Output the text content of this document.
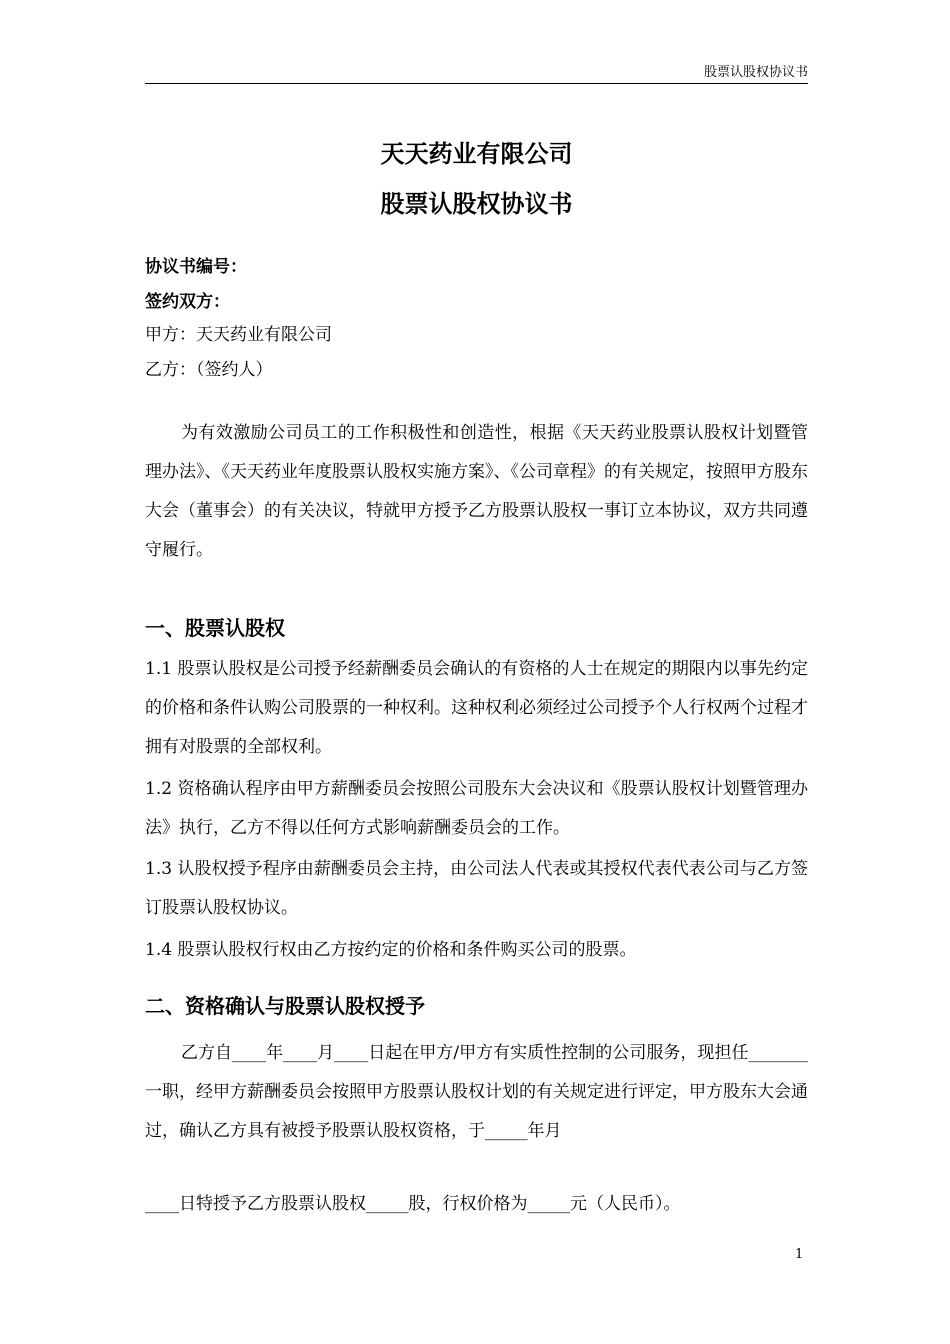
股票认股权协议书
天天药业有限公司
股票认股权协议书
协议书编号：
签约双方：
甲方：天天药业有限公司
乙方：（签约人）
为有效激励公司员工的工作积极性和创造性，根据《天天药业股票认股权计划暨管理办法》、《天天药业年度股票认股权实施方案》、《公司章程》的有关规定，按照甲方股东大会（董事会）的有关决议，特就甲方授予乙方股票认股权一事订立本协议，双方共同遵守履行。
一、股票认股权
1.1 股票认股权是公司授予经薪酬委员会确认的有资格的人士在规定的期限内以事先约定的价格和条件认购公司股票的一种权利。这种权利必须经过公司授予个人行权两个过程才拥有对股票的全部权利。
1.2 资格确认程序由甲方薪酬委员会按照公司股东大会决议和《股票认股权计划暨管理办法》执行，乙方不得以任何方式影响薪酬委员会的工作。
1.3 认股权授予程序由薪酬委员会主持，由公司法人代表或其授权代表代表公司与乙方签订股票认股权协议。
1.4 股票认股权行权由乙方按约定的价格和条件购买公司的股票。
二、资格确认与股票认股权授予
乙方自____年____月____日起在甲方/甲方有实质性控制的公司服务，现担任_______一职，经甲方薪酬委员会按照甲方股票认股权计划的有关规定进行评定，甲方股东大会通过，确认乙方具有被授予股票认股权资格，于_____年月
____日特授予乙方股票认股权_____股，行权价格为_____元（人民币）。
1
